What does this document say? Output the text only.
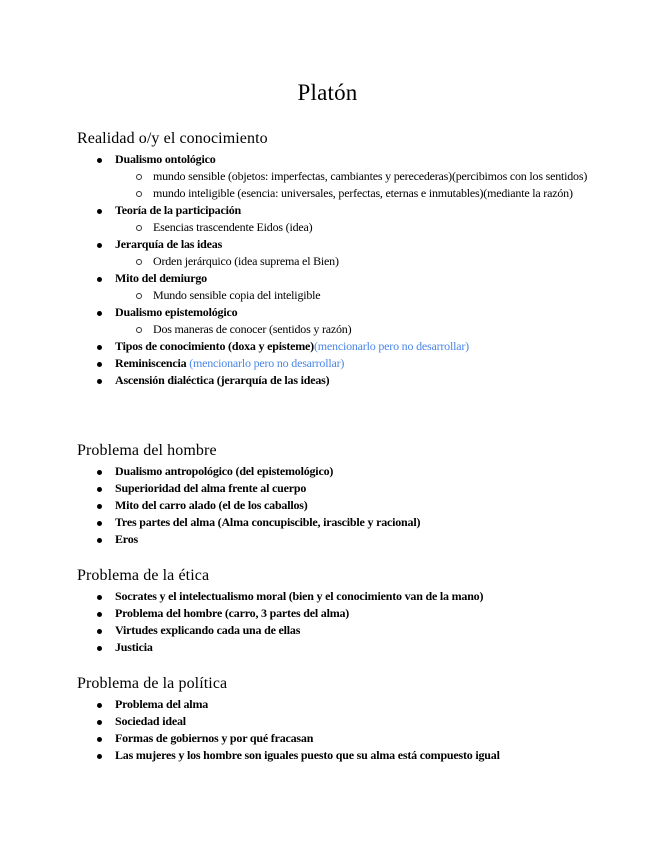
Platón
Realidad o/y el conocimiento
Dualismo ontológico
mundo sensible (objetos: imperfectas, cambiantes y perecederas)(percibimos con los sentidos)
mundo inteligible (esencia: universales, perfectas, eternas e inmutables)(mediante la razón)
Teoría de la participación
Esencias trascendente Eidos (idea)
Jerarquía de las ideas
Orden jerárquico (idea suprema el Bien)
Mito del demiurgo
Mundo sensible copia del inteligible
Dualismo epistemológico
Dos maneras de conocer (sentidos y razón)
Tipos de conocimiento (doxa y episteme)(mencionarlo pero no desarrollar)
Reminiscencia (mencionarlo pero no desarrollar)
Ascensión dialéctica (jerarquía de las ideas)
Problema del hombre
Dualismo antropológico (del epistemológico)
Superioridad del alma frente al cuerpo
Mito del carro alado (el de los caballos)
Tres partes del alma (Alma concupiscible, irascible y racional)
Eros
Problema de la ética
Socrates y el intelectualismo moral (bien y el conocimiento van de la mano)
Problema del hombre (carro, 3 partes del alma)
Virtudes explicando cada una de ellas
Justicia
Problema de la política
Problema del alma
Sociedad ideal
Formas de gobiernos y por qué fracasan
Las mujeres y los hombre son iguales puesto que su alma está compuesto igual
